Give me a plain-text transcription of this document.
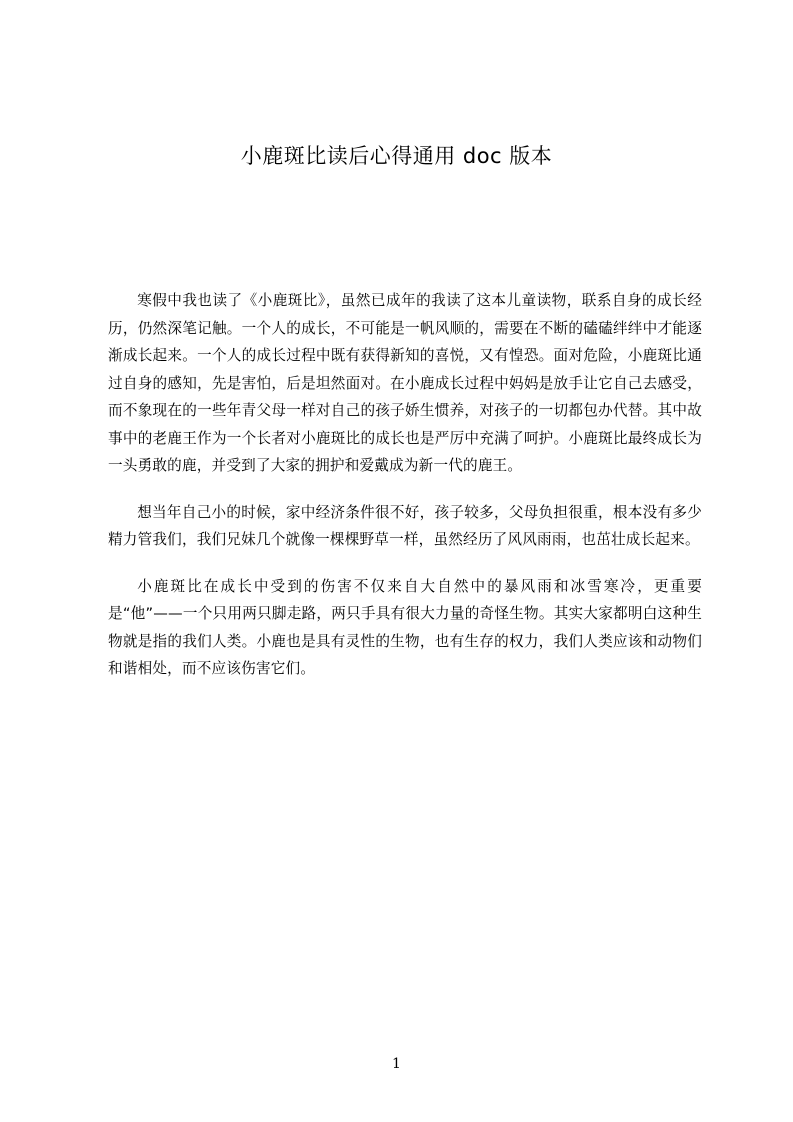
小鹿斑比读后心得通用 doc 版本

寒假中我也读了《小鹿斑比》，虽然已成年的我读了这本儿童读物，联系自身的成长经历，仍然深笔记触。一个人的成长，不可能是一帆风顺的，需要在不断的磕磕绊绊中才能逐渐成长起来。一个人的成长过程中既有获得新知的喜悦，又有惶恐。面对危险，小鹿斑比通过自身的感知，先是害怕，后是坦然面对。在小鹿成长过程中妈妈是放手让它自己去感受，而不象现在的一些年青父母一样对自己的孩子娇生惯养，对孩子的一切都包办代替。其中故事中的老鹿王作为一个长者对小鹿斑比的成长也是严厉中充满了呵护。小鹿斑比最终成长为一头勇敢的鹿，并受到了大家的拥护和爱戴成为新一代的鹿王。

想当年自己小的时候，家中经济条件很不好，孩子较多，父母负担很重，根本没有多少精力管我们，我们兄妹几个就像一棵棵野草一样，虽然经历了风风雨雨，也茁壮成长起来。

小鹿斑比在成长中受到的伤害不仅来自大自然中的暴风雨和冰雪寒冷，更重要是“他”——一个只用两只脚走路，两只手具有很大力量的奇怪生物。其实大家都明白这种生物就是指的我们人类。小鹿也是具有灵性的生物，也有生存的权力，我们人类应该和动物们和谐相处，而不应该伤害它们。

1
